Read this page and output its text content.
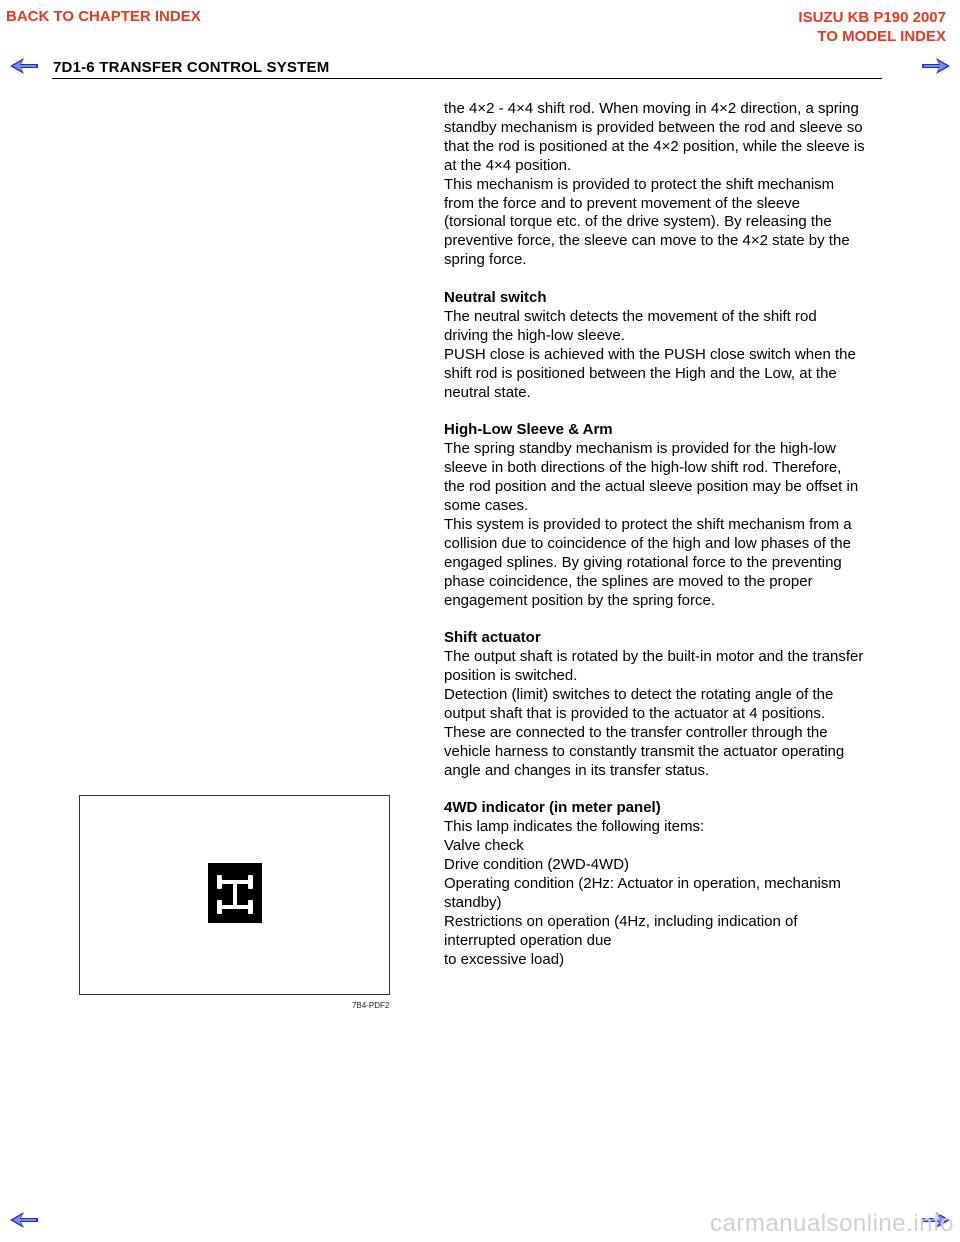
BACK TO CHAPTER INDEX	ISUZU KB P190 2007
TO MODEL INDEX
7D1-6 TRANSFER CONTROL SYSTEM

the 4×2 - 4×4 shift rod. When moving in 4×2 direction, a spring

standby mechanism is provided between the rod and sleeve so

that the rod is positioned at the 4×2 position, while the sleeve is

at the 4×4 position.

This mechanism is provided to protect the shift mechanism

from the force and to prevent movement of the sleeve

(torsional torque etc. of the drive system). By releasing the

preventive force, the sleeve can move to the 4×2 state by the

spring force.

Neutral switch

The neutral switch detects the movement of the shift rod

driving the high-low sleeve.

PUSH close is achieved with the PUSH close switch when the

shift rod is positioned between the High and the Low, at the

neutral state.

High-Low Sleeve & Arm

The spring standby mechanism is provided for the high-low

sleeve in both directions of the high-low shift rod. Therefore,

the rod position and the actual sleeve position may be offset in

some cases.

This system is provided to protect the shift mechanism from a

collision due to coincidence of the high and low phases of the

engaged splines. By giving rotational force to the preventing

phase coincidence, the splines are moved to the proper

engagement position by the spring force.

Shift actuator

The output shaft is rotated by the built-in motor and the transfer

position is switched.

Detection (limit) switches to detect the rotating angle of the

output shaft that is provided to the actuator at 4 positions.

These are connected to the transfer controller through the

vehicle harness to constantly transmit the actuator operating

angle and changes in its transfer status.

4WD indicator (in meter panel)

This lamp indicates the following items:

Valve check

Drive condition (2WD-4WD)

Operating condition (2Hz: Actuator in operation, mechanism

standby)

Restrictions on operation (4Hz, including indication of

interrupted operation due

to excessive load)

7B4-PDF2
carmanualsonline.info
